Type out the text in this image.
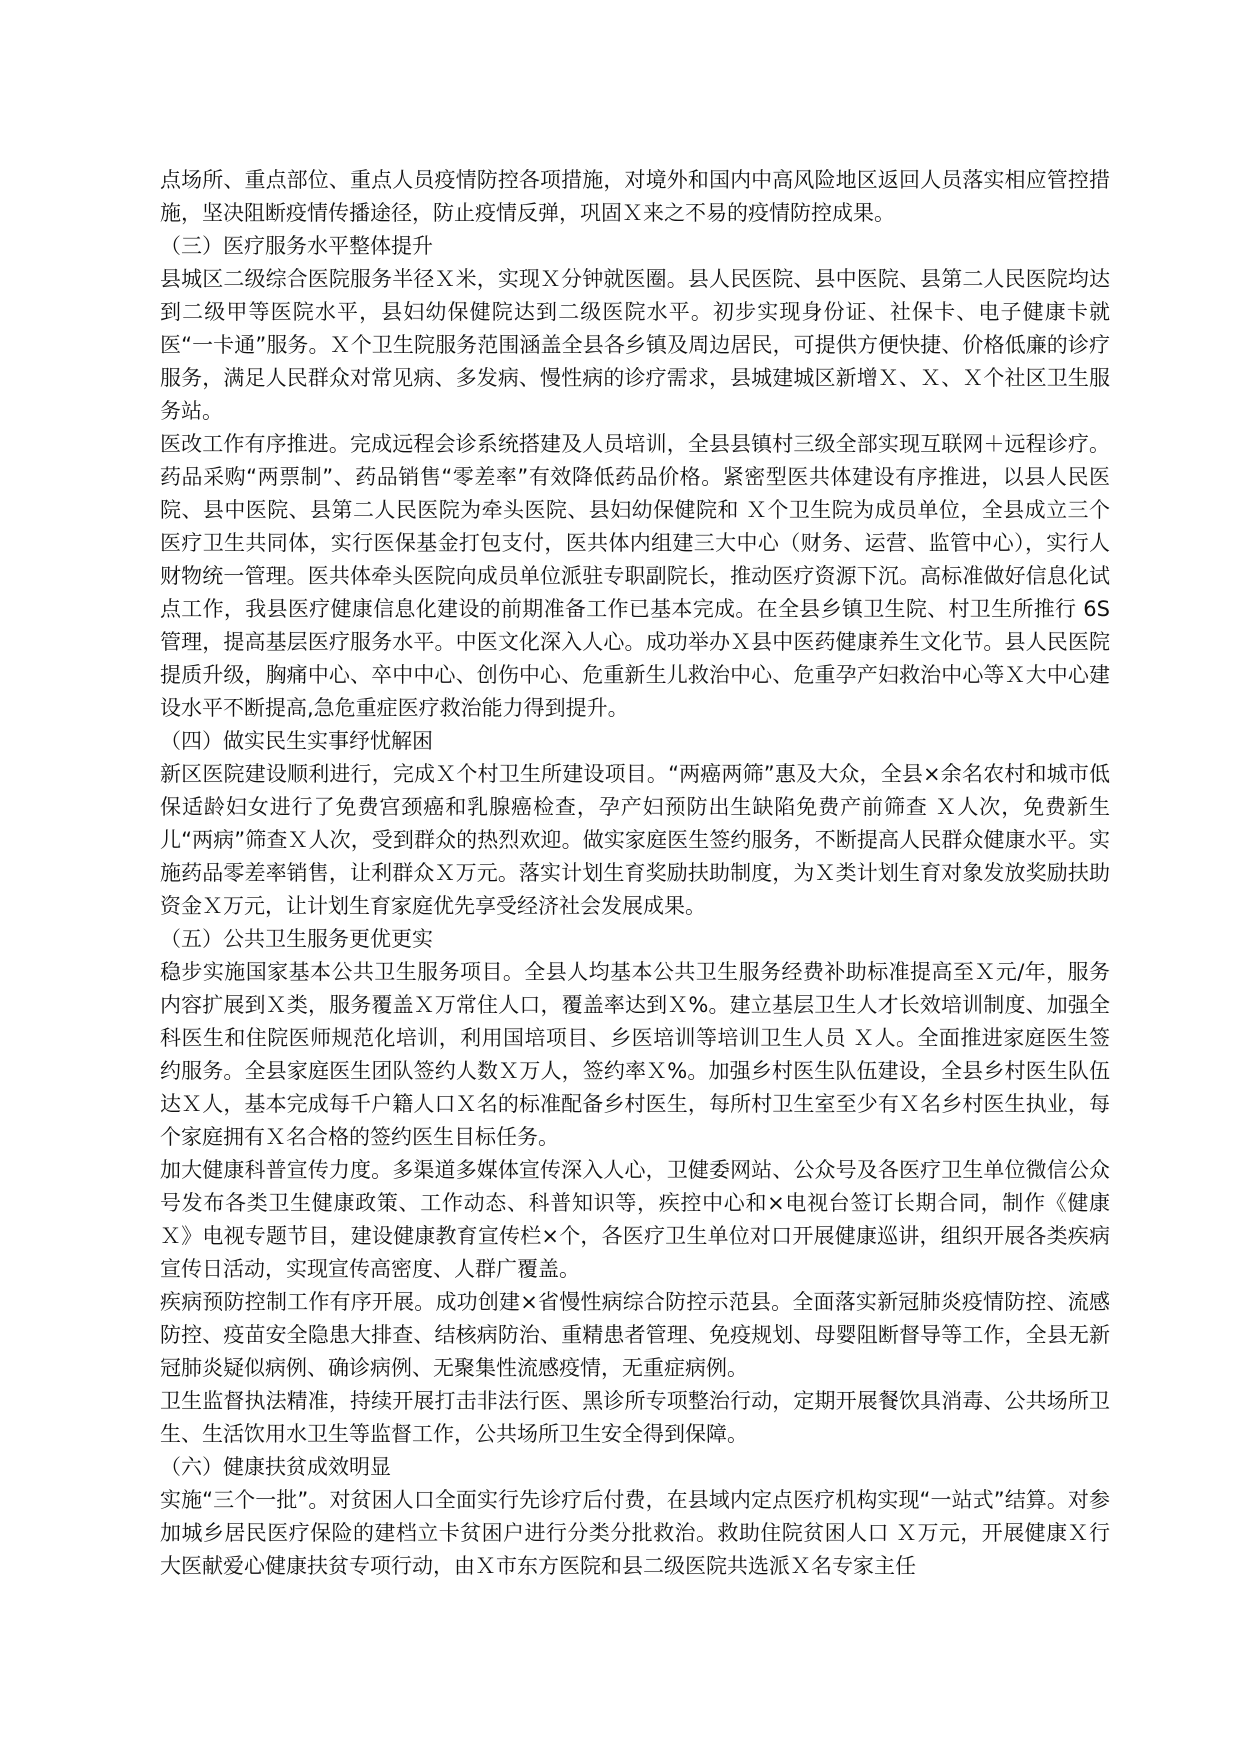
点场所、重点部位、重点人员疫情防控各项措施，对境外和国内中高风险地区返回人员落实相应管控措施，坚决阻断疫情传播途径，防止疫情反弹，巩固Ｘ来之不易的疫情防控成果。

（三）医疗服务水平整体提升

县城区二级综合医院服务半径Ｘ米，实现Ｘ分钟就医圈。县人民医院、县中医院、县第二人民医院均达到二级甲等医院水平，县妇幼保健院达到二级医院水平。初步实现身份证、社保卡、电子健康卡就医“一卡通”服务。Ｘ个卫生院服务范围涵盖全县各乡镇及周边居民，可提供方便快捷、价格低廉的诊疗服务，满足人民群众对常见病、多发病、慢性病的诊疗需求，县城建城区新增Ｘ、Ｘ、Ｘ个社区卫生服务站。

医改工作有序推进。完成远程会诊系统搭建及人员培训，全县县镇村三级全部实现互联网＋远程诊疗。药品采购“两票制”、药品销售“零差率”有效降低药品价格。紧密型医共体建设有序推进，以县人民医院、县中医院、县第二人民医院为牵头医院、县妇幼保健院和 Ｘ个卫生院为成员单位，全县成立三个医疗卫生共同体，实行医保基金打包支付，医共体内组建三大中心（财务、运营、监管中心），实行人财物统一管理。医共体牵头医院向成员单位派驻专职副院长，推动医疗资源下沉。高标准做好信息化试点工作，我县医疗健康信息化建设的前期准备工作已基本完成。在全县乡镇卫生院、村卫生所推行 6S 管理，提高基层医疗服务水平。中医文化深入人心。成功举办Ｘ县中医药健康养生文化节。县人民医院提质升级，胸痛中心、卒中中心、创伤中心、危重新生儿救治中心、危重孕产妇救治中心等Ｘ大中心建设水平不断提高,急危重症医疗救治能力得到提升。

（四）做实民生实事纾忧解困

新区医院建设顺利进行，完成Ｘ个村卫生所建设项目。“两癌两筛”惠及大众，全县×余名农村和城市低保适龄妇女进行了免费宫颈癌和乳腺癌检查，孕产妇预防出生缺陷免费产前筛查 Ｘ人次，免费新生儿“两病”筛查Ｘ人次，受到群众的热烈欢迎。做实家庭医生签约服务，不断提高人民群众健康水平。实施药品零差率销售，让利群众Ｘ万元。落实计划生育奖励扶助制度，为Ｘ类计划生育对象发放奖励扶助资金Ｘ万元，让计划生育家庭优先享受经济社会发展成果。

（五）公共卫生服务更优更实

稳步实施国家基本公共卫生服务项目。全县人均基本公共卫生服务经费补助标准提高至Ｘ元/年，服务内容扩展到Ｘ类，服务覆盖Ｘ万常住人口，覆盖率达到Ｘ%。建立基层卫生人才长效培训制度、加强全科医生和住院医师规范化培训，利用国培项目、乡医培训等培训卫生人员 Ｘ人。全面推进家庭医生签约服务。全县家庭医生团队签约人数Ｘ万人，签约率Ｘ%。加强乡村医生队伍建设，全县乡村医生队伍达Ｘ人，基本完成每千户籍人口Ｘ名的标准配备乡村医生，每所村卫生室至少有Ｘ名乡村医生执业，每个家庭拥有Ｘ名合格的签约医生目标任务。

加大健康科普宣传力度。多渠道多媒体宣传深入人心，卫健委网站、公众号及各医疗卫生单位微信公众号发布各类卫生健康政策、工作动态、科普知识等，疾控中心和×电视台签订长期合同，制作《健康Ｘ》电视专题节目，建设健康教育宣传栏×个，各医疗卫生单位对口开展健康巡讲，组织开展各类疾病宣传日活动，实现宣传高密度、人群广覆盖。

疾病预防控制工作有序开展。成功创建×省慢性病综合防控示范县。全面落实新冠肺炎疫情防控、流感防控、疫苗安全隐患大排查、结核病防治、重精患者管理、免疫规划、母婴阻断督导等工作，全县无新冠肺炎疑似病例、确诊病例、无聚集性流感疫情，无重症病例。

卫生监督执法精准，持续开展打击非法行医、黑诊所专项整治行动，定期开展餐饮具消毒、公共场所卫生、生活饮用水卫生等监督工作，公共场所卫生安全得到保障。

（六）健康扶贫成效明显

实施“三个一批”。对贫困人口全面实行先诊疗后付费，在县域内定点医疗机构实现“一站式”结算。对参加城乡居民医疗保险的建档立卡贫困户进行分类分批救治。救助住院贫困人口 Ｘ万元，开展健康Ｘ行大医献爱心健康扶贫专项行动，由Ｘ市东方医院和县二级医院共选派Ｘ名专家主任
